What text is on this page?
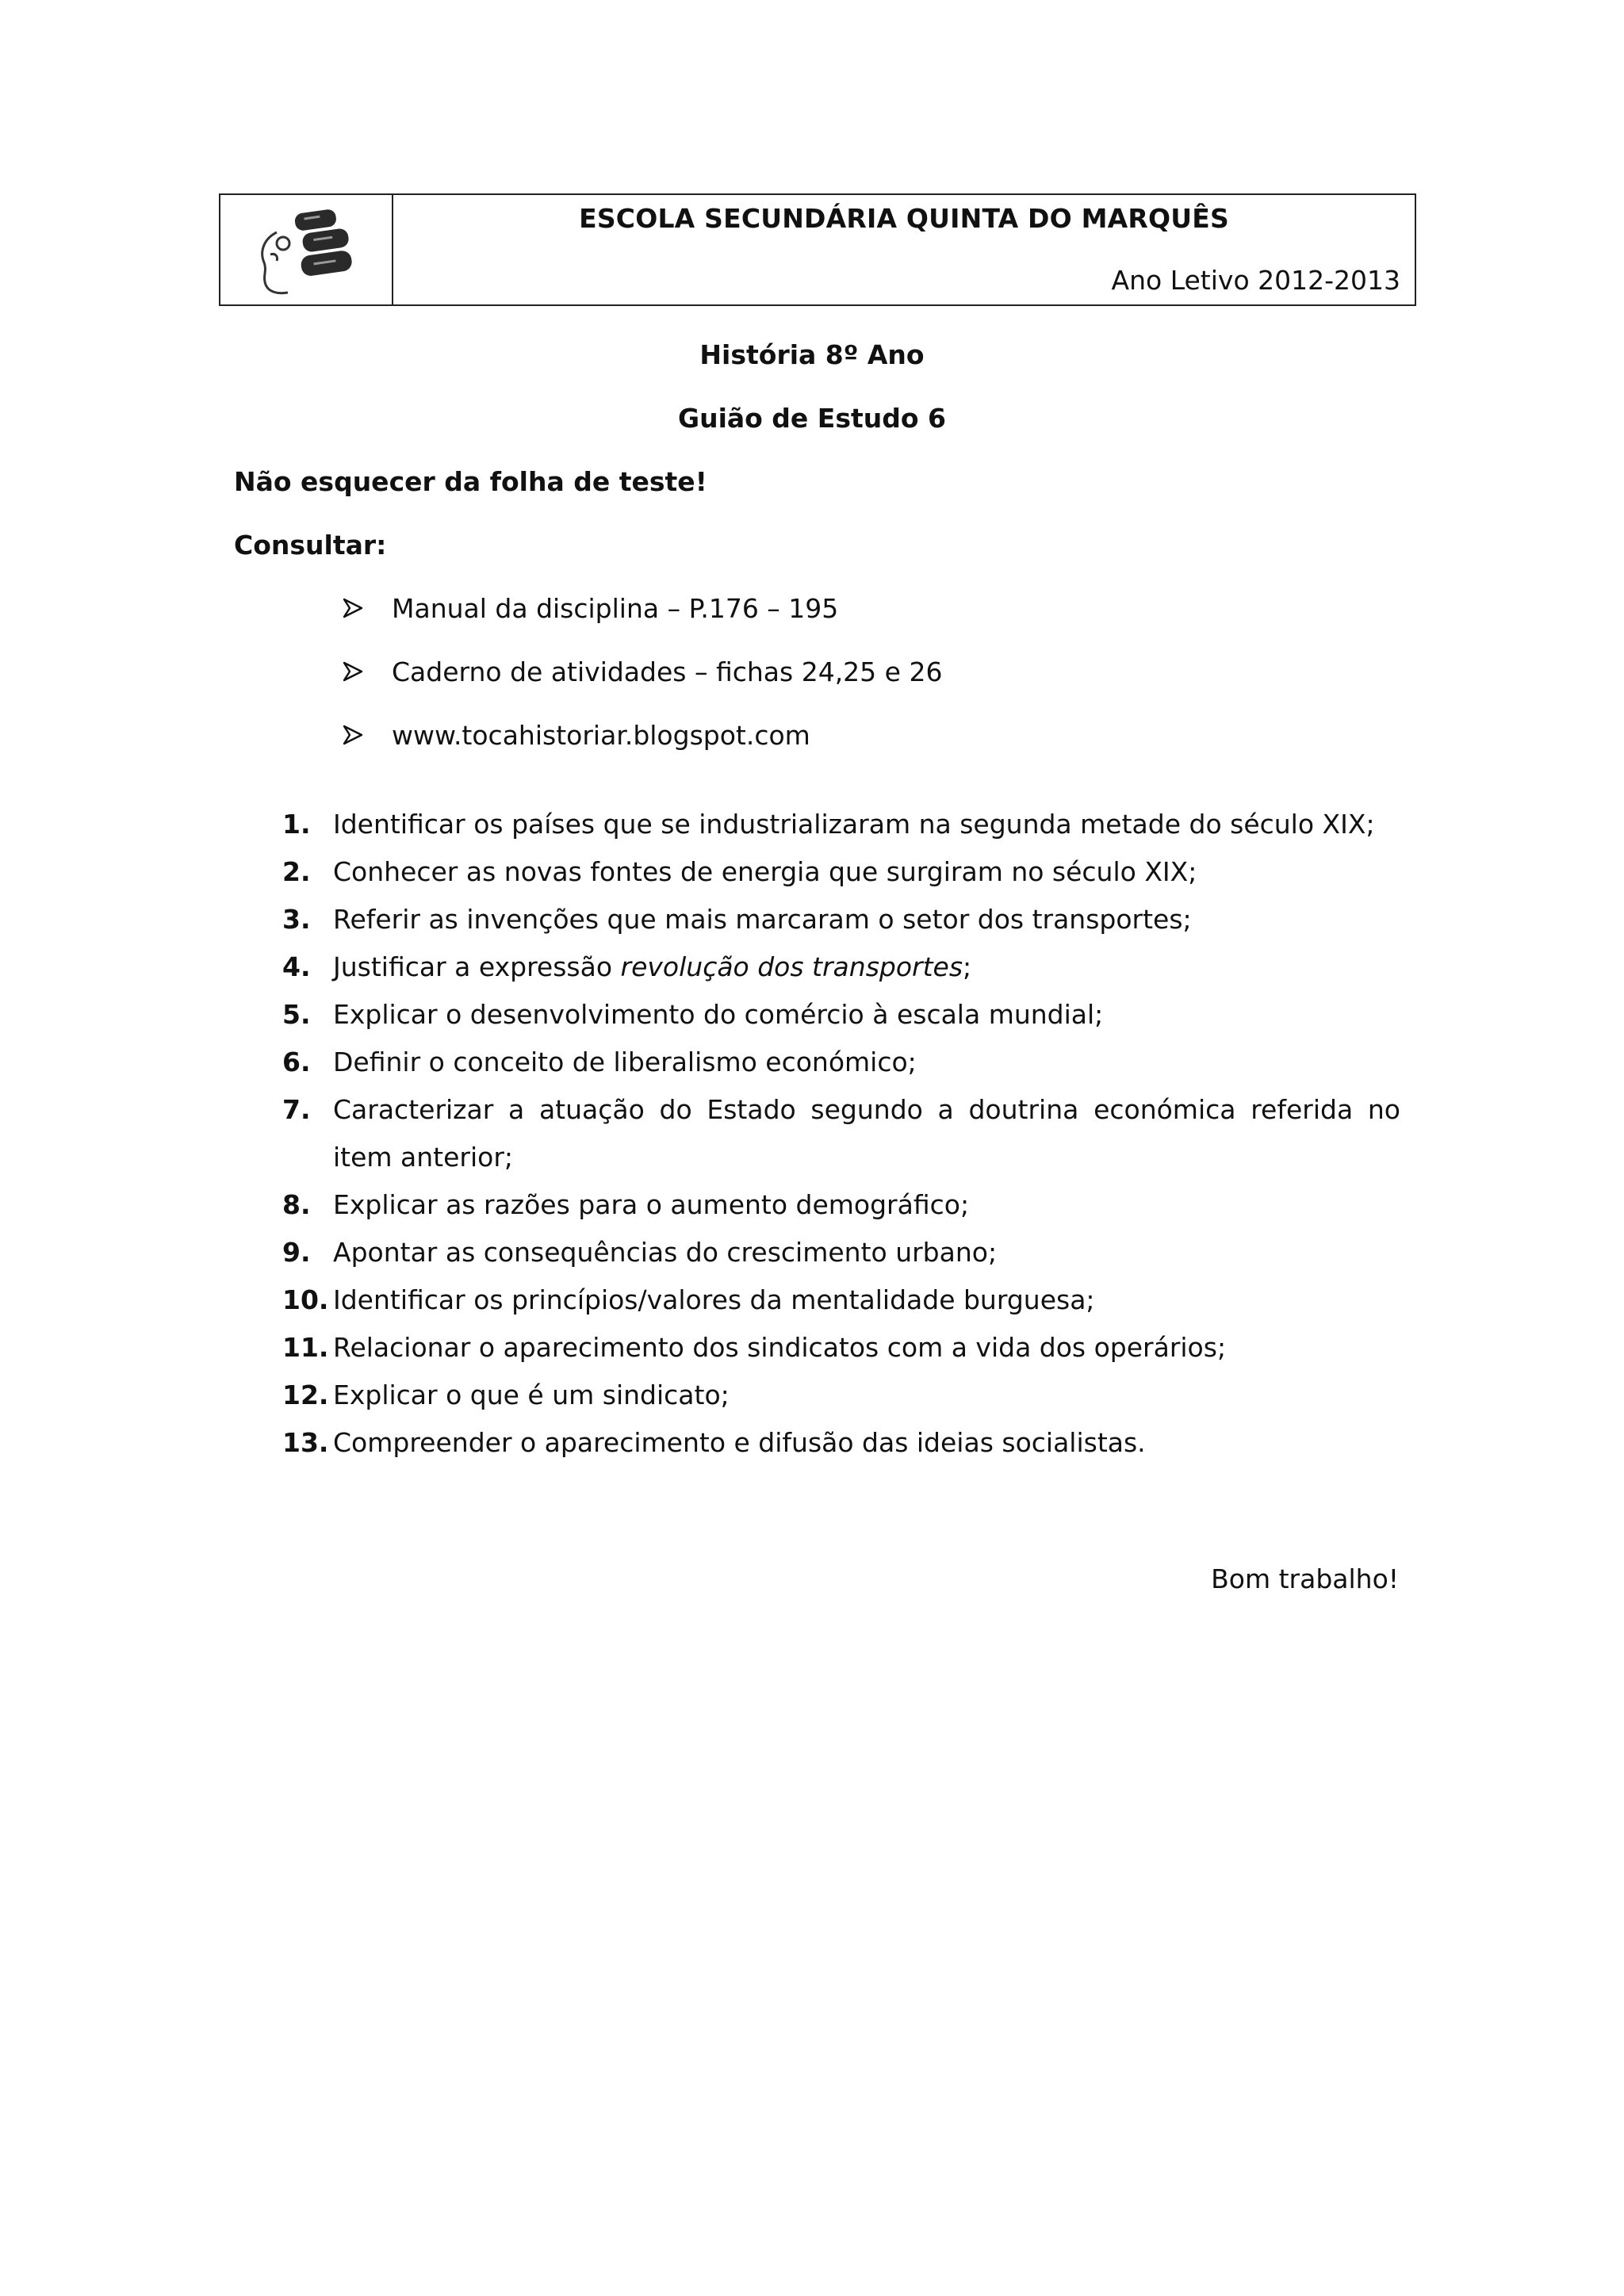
ESCOLA SECUNDÁRIA QUINTA DO MARQUÊS
Ano Letivo 2012-2013
História 8º Ano
Guião de Estudo 6
Não esquecer da folha de teste!
Consultar:
Manual da disciplina – P.176 – 195
Caderno de atividades – fichas 24,25 e 26
www.tocahistoriar.blogspot.com
1. Identificar os países que se industrializaram na segunda metade do século XIX;
2. Conhecer as novas fontes de energia que surgiram no século XIX;
3. Referir as invenções que mais marcaram o setor dos transportes;
4. Justificar a expressão revolução dos transportes;
5. Explicar o desenvolvimento do comércio à escala mundial;
6. Definir o conceito de liberalismo económico;
7. Caracterizar a atuação do Estado segundo a doutrina económica referida no item anterior;
8. Explicar as razões para o aumento demográfico;
9. Apontar as consequências do crescimento urbano;
10. Identificar os princípios/valores da mentalidade burguesa;
11. Relacionar o aparecimento dos sindicatos com a vida dos operários;
12. Explicar o que é um sindicato;
13. Compreender o aparecimento e difusão das ideias socialistas.
Bom trabalho!
